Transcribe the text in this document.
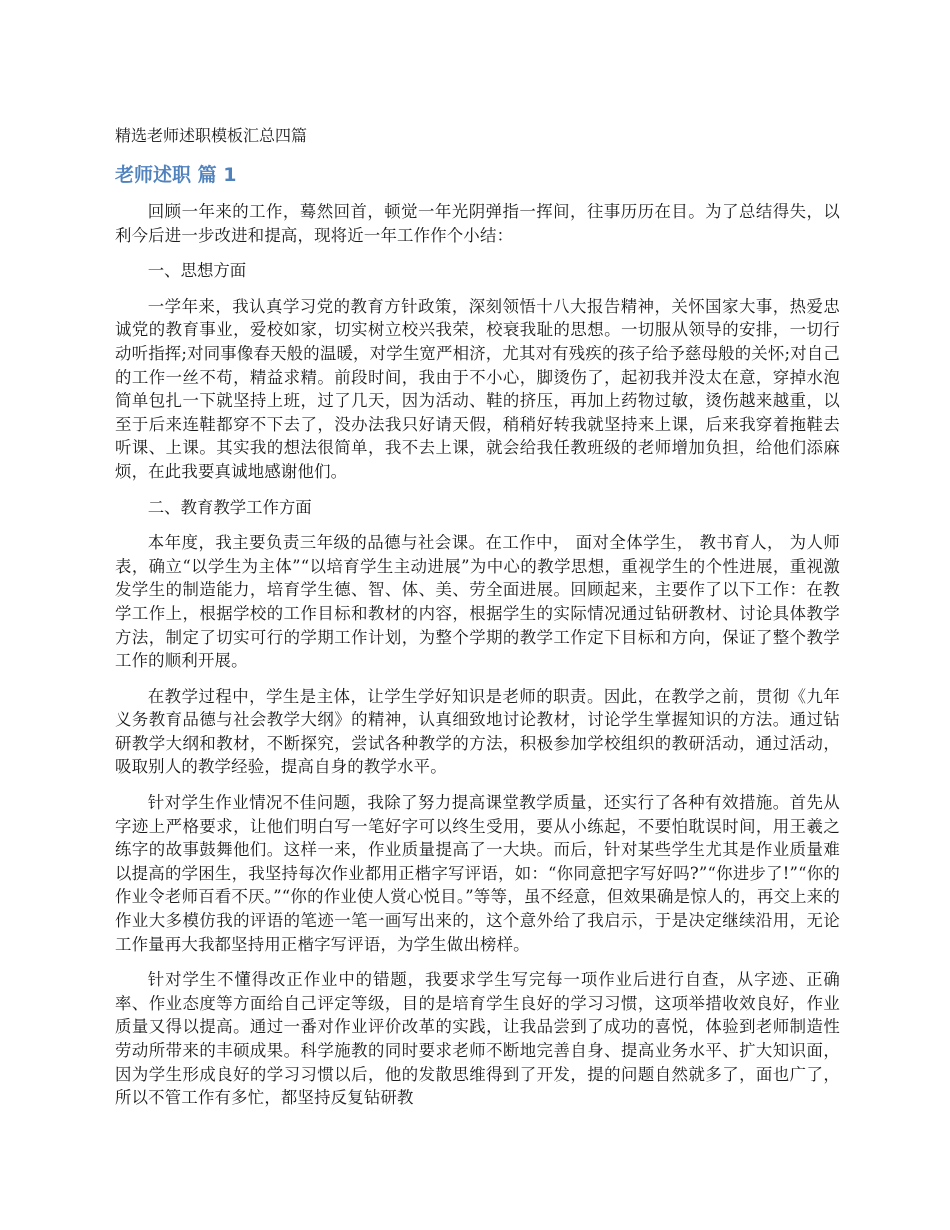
精选老师述职模板汇总四篇
老师述职 篇 1

回顾一年来的工作，蓦然回首，顿觉一年光阴弹指一挥间，往事历历在目。为了总结得失，以利今后进一步改进和提高，现将近一年工作作个小结：

一、思想方面

一学年来，我认真学习党的教育方针政策，深刻领悟十八大报告精神，关怀国家大事，热爱忠诚党的教育事业，爱校如家，切实树立校兴我荣，校衰我耻的思想。一切服从领导的安排，一切行动听指挥;对同事像春天般的温暖，对学生宽严相济，尤其对有残疾的孩子给予慈母般的关怀;对自己的工作一丝不苟，精益求精。前段时间，我由于不小心，脚烫伤了，起初我并没太在意，穿掉水泡简单包扎一下就坚持上班，过了几天，因为活动、鞋的挤压，再加上药物过敏，烫伤越来越重，以至于后来连鞋都穿不下去了，没办法我只好请天假，稍稍好转我就坚持来上课，后来我穿着拖鞋去听课、上课。其实我的想法很简单，我不去上课，就会给我任教班级的老师增加负担，给他们添麻烦，在此我要真诚地感谢他们。

二、教育教学工作方面

本年度，我主要负责三年级的品德与社会课。在工作中， 面对全体学生， 教书育人， 为人师表，确立“以学生为主体”“以培育学生主动进展”为中心的教学思想，重视学生的个性进展，重视激发学生的制造能力，培育学生德、智、体、美、劳全面进展。回顾起来，主要作了以下工作：在教学工作上，根据学校的工作目标和教材的内容，根据学生的实际情况通过钻研教材、讨论具体教学方法，制定了切实可行的学期工作计划，为整个学期的教学工作定下目标和方向，保证了整个教学工作的顺利开展。

在教学过程中，学生是主体，让学生学好知识是老师的职责。因此，在教学之前，贯彻《九年义务教育品德与社会教学大纲》的精神，认真细致地讨论教材，讨论学生掌握知识的方法。通过钻研教学大纲和教材，不断探究，尝试各种教学的方法，积极参加学校组织的教研活动，通过活动，吸取别人的教学经验，提高自身的教学水平。

针对学生作业情况不佳问题，我除了努力提高课堂教学质量，还实行了各种有效措施。首先从字迹上严格要求，让他们明白写一笔好字可以终生受用，要从小练起，不要怕耽误时间，用王羲之练字的故事鼓舞他们。这样一来，作业质量提高了一大块。而后，针对某些学生尤其是作业质量难以提高的学困生，我坚持每次作业都用正楷字写评语，如：“你同意把字写好吗?”“你进步了!”“你的作业令老师百看不厌。”“你的作业使人赏心悦目。”等等，虽不经意，但效果确是惊人的，再交上来的作业大多模仿我的评语的笔迹一笔一画写出来的，这个意外给了我启示，于是决定继续沿用，无论工作量再大我都坚持用正楷字写评语，为学生做出榜样。

针对学生不懂得改正作业中的错题，我要求学生写完每一项作业后进行自查，从字迹、正确率、作业态度等方面给自己评定等级，目的是培育学生良好的学习习惯，这项举措收效良好，作业质量又得以提高。通过一番对作业评价改革的实践，让我品尝到了成功的喜悦，体验到老师制造性劳动所带来的丰硕成果。科学施教的同时要求老师不断地完善自身、提高业务水平、扩大知识面，因为学生形成良好的学习习惯以后，他的发散思维得到了开发，提的问题自然就多了，面也广了，所以不管工作有多忙，都坚持反复钻研教
